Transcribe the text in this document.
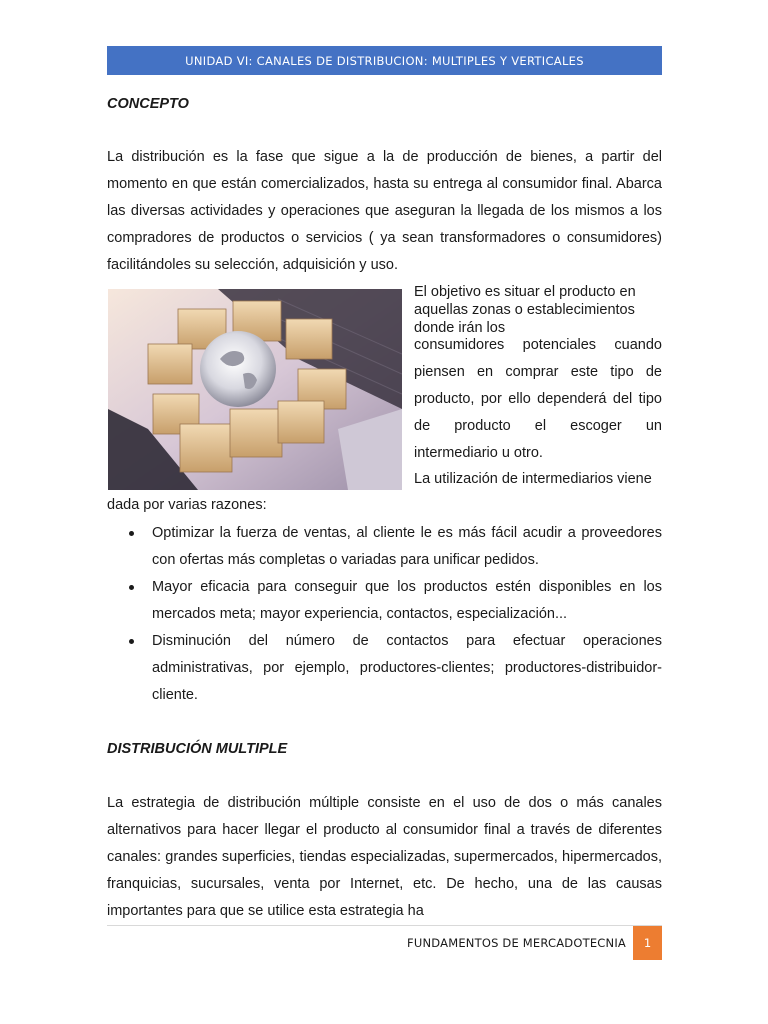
UNIDAD VI: CANALES DE DISTRIBUCION: MULTIPLES Y VERTICALES
CONCEPTO

La distribución es la fase que sigue a la de producción de bienes, a partir del momento en que están comercializados, hasta su entrega al consumidor final. Abarca las diversas actividades y operaciones que aseguran la llegada de los mismos a los compradores de productos o servicios ( ya sean transformadores o consumidores) facilitándoles su selección, adquisición y uso.

El objetivo es situar el producto en aquellas zonas o establecimientos donde irán los

consumidores potenciales cuando piensen en comprar este tipo de producto, por ello dependerá del tipo de producto el escoger un intermediario u otro.

La utilización de intermediarios viene

dada por varias razones:

Optimizar la fuerza de ventas, al cliente le es más fácil acudir a proveedores con ofertas más completas o variadas para unificar pedidos.
Mayor eficacia para conseguir que los productos estén disponibles en los mercados meta; mayor experiencia, contactos, especialización...
Disminución del número de contactos para efectuar operaciones administrativas, por ejemplo, productores-clientes; productores-distribuidor-cliente.
DISTRIBUCIÓN MULTIPLE

La estrategia de distribución múltiple consiste en el uso de dos o más canales alternativos para hacer llegar el producto al consumidor final a través de diferentes canales: grandes superficies, tiendas especializadas, supermercados, hipermercados, franquicias, sucursales, venta por Internet, etc. De hecho, una de las causas importantes para que se utilice esta estrategia ha

FUNDAMENTOS DE MERCADOTECNIA	1
